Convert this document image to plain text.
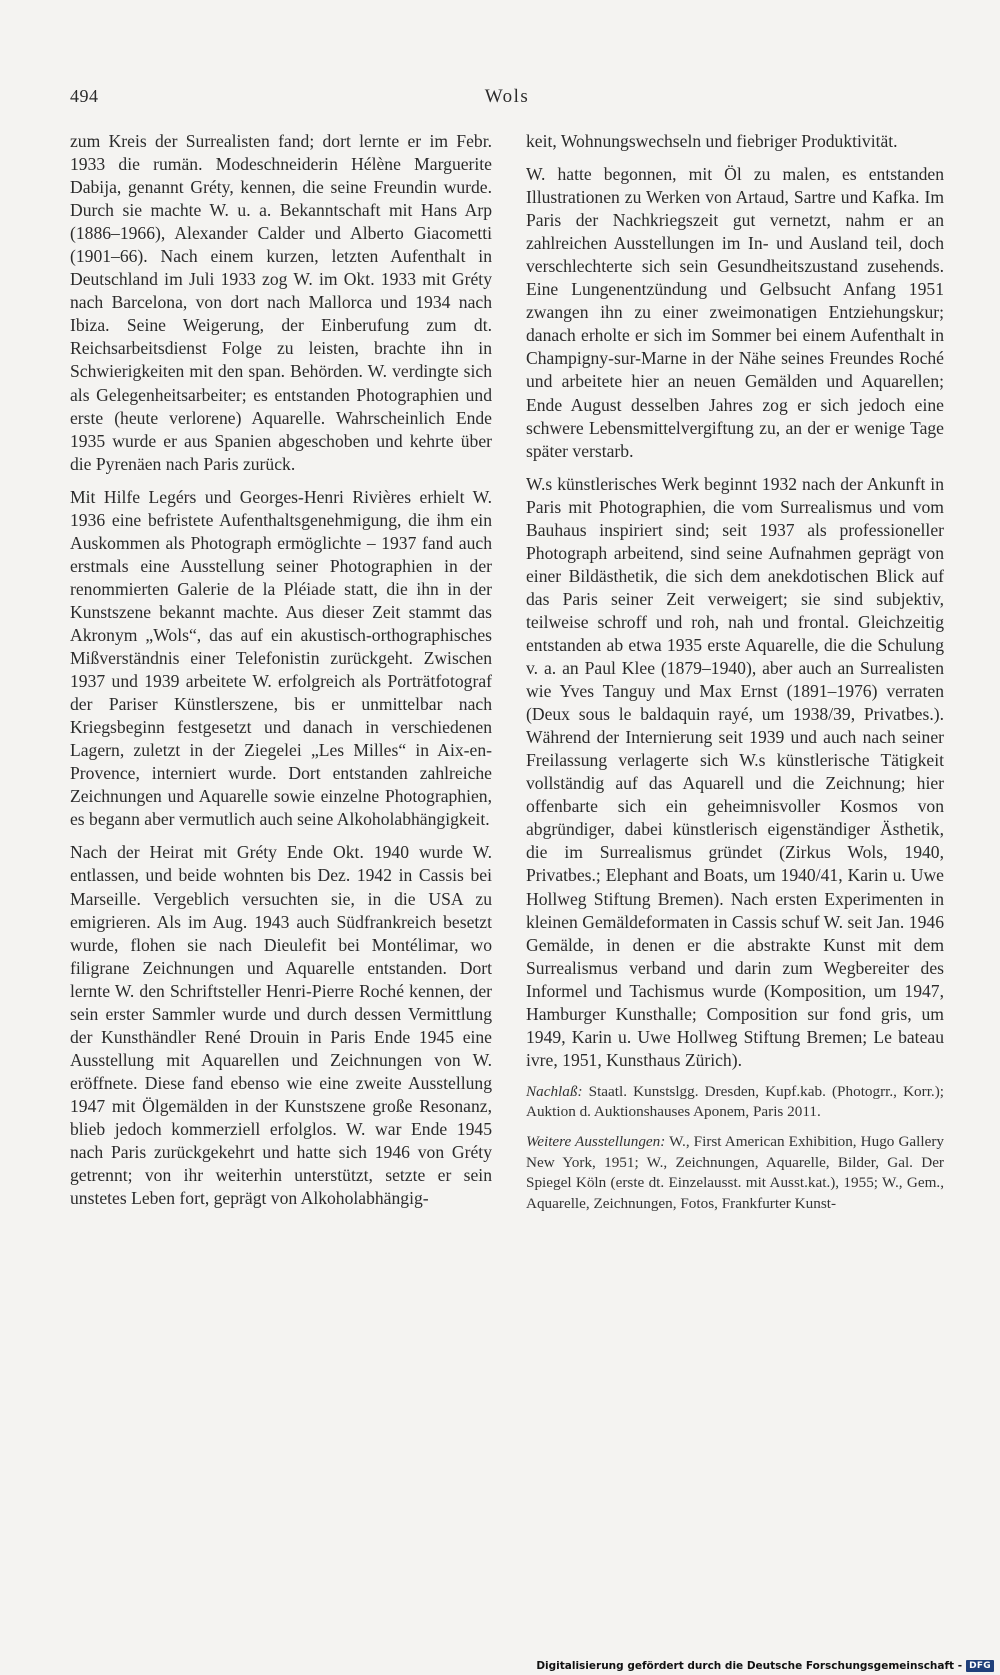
494	Wols

zum Kreis der Surrealisten fand; dort lernte er im Febr. 1933 die rumän. Modeschneiderin Hélène Marguerite Dabija, genannt Gréty, kennen, die seine Freundin wurde. Durch sie machte W. u. a. Bekanntschaft mit Hans Arp (1886–1966), Alexander Calder und Alberto Giacometti (1901–66). Nach einem kurzen, letzten Aufenthalt in Deutschland im Juli 1933 zog W. im Okt. 1933 mit Gréty nach Barcelona, von dort nach Mallorca und 1934 nach Ibiza. Seine Weigerung, der Einberufung zum dt. Reichsarbeitsdienst Folge zu leisten, brachte ihn in Schwierigkeiten mit den span. Behörden. W. verdingte sich als Gelegenheitsarbeiter; es entstanden Photographien und erste (heute verlorene) Aquarelle. Wahrscheinlich Ende 1935 wurde er aus Spanien abgeschoben und kehrte über die Pyrenäen nach Paris zurück.

Mit Hilfe Legérs und Georges-Henri Rivières erhielt W. 1936 eine befristete Aufenthaltsgenehmigung, die ihm ein Auskommen als Photograph ermöglichte – 1937 fand auch erstmals eine Ausstellung seiner Photographien in der renommierten Galerie de la Pléiade statt, die ihn in der Kunstszene bekannt machte. Aus dieser Zeit stammt das Akronym „Wols“, das auf ein akustisch-orthographisches Mißverständnis einer Telefonistin zurückgeht. Zwischen 1937 und 1939 arbeitete W. erfolgreich als Porträtfotograf der Pariser Künstlerszene, bis er unmittelbar nach Kriegsbeginn festgesetzt und danach in verschiedenen Lagern, zuletzt in der Ziegelei „Les Milles“ in Aix-en-Provence, interniert wurde. Dort entstanden zahlreiche Zeichnungen und Aquarelle sowie einzelne Photographien, es begann aber vermutlich auch seine Alkoholabhängigkeit.

Nach der Heirat mit Gréty Ende Okt. 1940 wurde W. entlassen, und beide wohnten bis Dez. 1942 in Cassis bei Marseille. Vergeblich versuchten sie, in die USA zu emigrieren. Als im Aug. 1943 auch Südfrankreich besetzt wurde, flohen sie nach Dieulefit bei Montélimar, wo filigrane Zeichnungen und Aquarelle entstanden. Dort lernte W. den Schriftsteller Henri-Pierre Roché kennen, der sein erster Sammler wurde und durch dessen Vermittlung der Kunsthändler René Drouin in Paris Ende 1945 eine Ausstellung mit Aquarellen und Zeichnungen von W. eröffnete. Diese fand ebenso wie eine zweite Ausstellung 1947 mit Ölgemälden in der Kunstszene große Resonanz, blieb jedoch kommerziell erfolglos. W. war Ende 1945 nach Paris zurückgekehrt und hatte sich 1946 von Gréty getrennt; von ihr weiterhin unterstützt, setzte er sein unstetes Leben fort, geprägt von Alkoholabhängig-

keit, Wohnungswechseln und fiebriger Produktivität.

W. hatte begonnen, mit Öl zu malen, es entstanden Illustrationen zu Werken von Artaud, Sartre und Kafka. Im Paris der Nachkriegszeit gut vernetzt, nahm er an zahlreichen Ausstellungen im In- und Ausland teil, doch verschlechterte sich sein Gesundheitszustand zusehends. Eine Lungenentzündung und Gelbsucht Anfang 1951 zwangen ihn zu einer zweimonatigen Entziehungskur; danach erholte er sich im Sommer bei einem Aufenthalt in Champigny-sur-Marne in der Nähe seines Freundes Roché und arbeitete hier an neuen Gemälden und Aquarellen; Ende August desselben Jahres zog er sich jedoch eine schwere Lebensmittelvergiftung zu, an der er wenige Tage später verstarb.

W.s künstlerisches Werk beginnt 1932 nach der Ankunft in Paris mit Photographien, die vom Surrealismus und vom Bauhaus inspiriert sind; seit 1937 als professioneller Photograph arbeitend, sind seine Aufnahmen geprägt von einer Bildästhetik, die sich dem anekdotischen Blick auf das Paris seiner Zeit verweigert; sie sind subjektiv, teilweise schroff und roh, nah und frontal. Gleichzeitig entstanden ab etwa 1935 erste Aquarelle, die die Schulung v. a. an Paul Klee (1879–1940), aber auch an Surrealisten wie Yves Tanguy und Max Ernst (1891–1976) verraten (Deux sous le baldaquin rayé, um 1938/39, Privatbes.). Während der Internierung seit 1939 und auch nach seiner Freilassung verlagerte sich W.s künstlerische Tätigkeit vollständig auf das Aquarell und die Zeichnung; hier offenbarte sich ein geheimnisvoller Kosmos von abgründiger, dabei künstlerisch eigenständiger Ästhetik, die im Surrealismus gründet (Zirkus Wols, 1940, Privatbes.; Elephant and Boats, um 1940/41, Karin u. Uwe Hollweg Stiftung Bremen). Nach ersten Experimenten in kleinen Gemäldeformaten in Cassis schuf W. seit Jan. 1946 Gemälde, in denen er die abstrakte Kunst mit dem Surrealismus verband und darin zum Wegbereiter des Informel und Tachismus wurde (Komposition, um 1947, Hamburger Kunsthalle; Composition sur fond gris, um 1949, Karin u. Uwe Hollweg Stiftung Bremen; Le bateau ivre, 1951, Kunsthaus Zürich).

Nachlaß: Staatl. Kunstslgg. Dresden, Kupf.kab. (Photogrr., Korr.); Auktion d. Auktionshauses Aponem, Paris 2011.

Weitere Ausstellungen: W., First American Exhibition, Hugo Gallery New York, 1951; W., Zeichnungen, Aquarelle, Bilder, Gal. Der Spiegel Köln (erste dt. Einzelausst. mit Ausst.kat.), 1955; W., Gem., Aquarelle, Zeichnungen, Fotos, Frankfurter Kunst-

Digitalisierung gefördert durch die Deutsche Forschungsgemeinschaft - DFG
